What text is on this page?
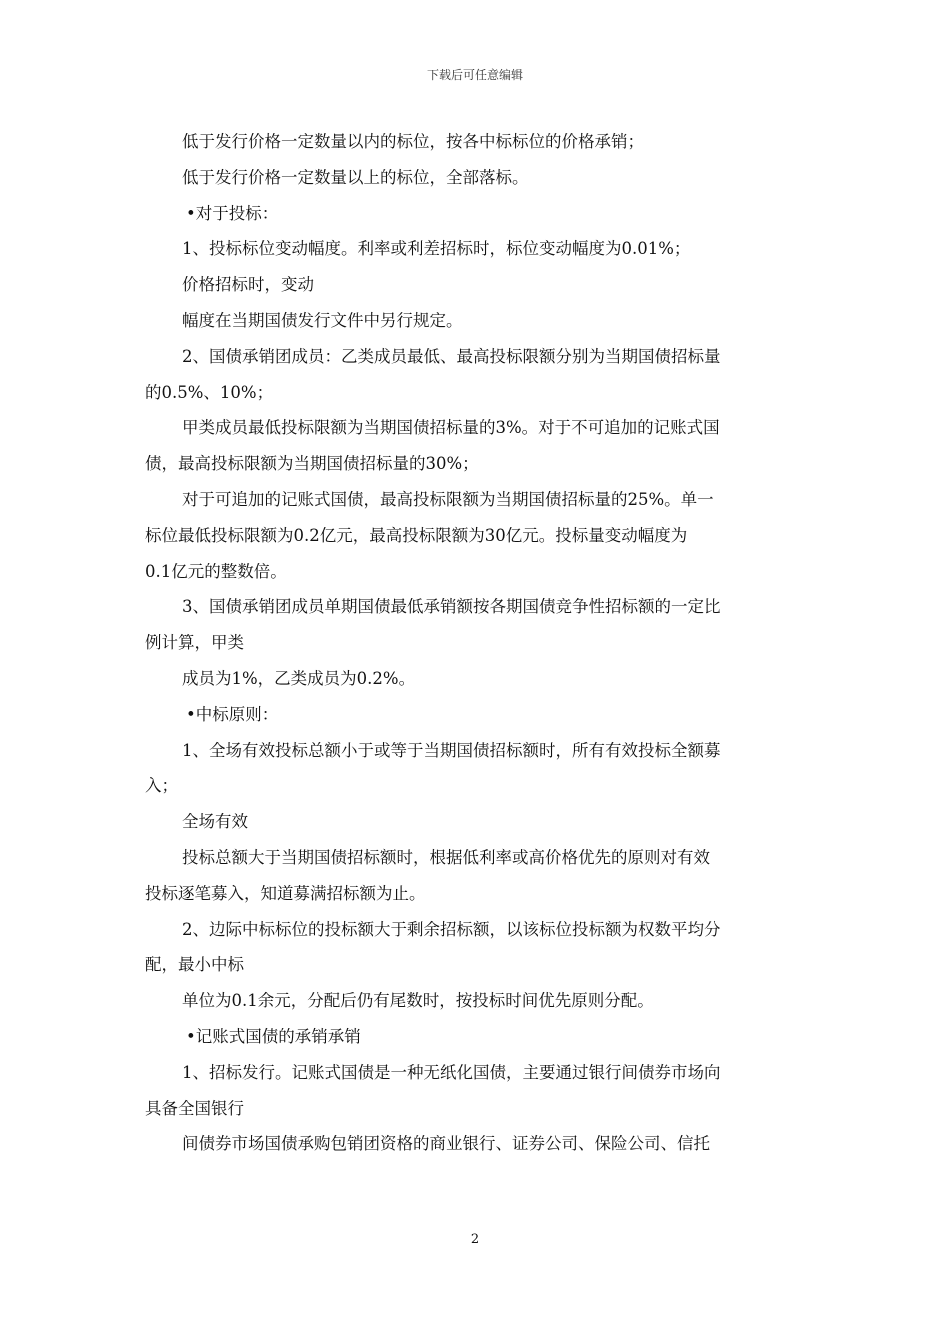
下载后可任意编辑
低于发行价格一定数量以内的标位，按各中标标位的价格承销；
低于发行价格一定数量以上的标位，全部落标。
•对于投标：
1、投标标位变动幅度。利率或利差招标时，标位变动幅度为0.01%；
价格招标时，变动
幅度在当期国债发行文件中另行规定。
2、国债承销团成员：乙类成员最低、最高投标限额分别为当期国债招标量
的0.5%、10%；
甲类成员最低投标限额为当期国债招标量的3%。对于不可追加的记账式国
债，最高投标限额为当期国债招标量的30%；
对于可追加的记账式国债，最高投标限额为当期国债招标量的25%。单一
标位最低投标限额为0.2亿元，最高投标限额为30亿元。投标量变动幅度为
0.1亿元的整数倍。
3、国债承销团成员单期国债最低承销额按各期国债竞争性招标额的一定比
例计算，甲类
成员为1%，乙类成员为0.2%。
•中标原则：
1、全场有效投标总额小于或等于当期国债招标额时，所有有效投标全额募
入；
全场有效
投标总额大于当期国债招标额时，根据低利率或高价格优先的原则对有效
投标逐笔募入，知道募满招标额为止。
2、边际中标标位的投标额大于剩余招标额，以该标位投标额为权数平均分
配，最小中标
单位为0.1余元，分配后仍有尾数时，按投标时间优先原则分配。
•记账式国债的承销承销
1、招标发行。记账式国债是一种无纸化国债，主要通过银行间债券市场向
具备全国银行
间债券市场国债承购包销团资格的商业银行、证券公司、保险公司、信托
2
